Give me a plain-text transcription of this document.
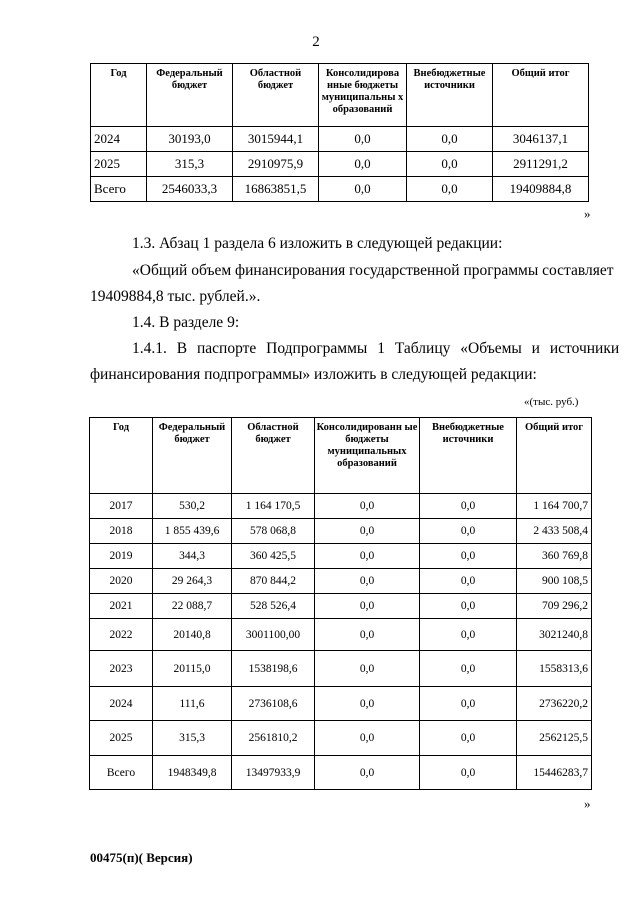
2
Год	Федеральный бюджет	Областной бюджет	Консолидирова нные бюджеты муниципальны х образований	Внебюджетные источники	Общий итог
2024	30193,0	3015944,1	0,0	0,0	3046137,1
2025	315,3	2910975,9	0,0	0,0	2911291,2
Всего	2546033,3	16863851,5	0,0	0,0	19409884,8
»
1.3. Абзац 1 раздела 6 изложить в следующей редакции:
«Общий объем финансирования государственной программы составляет
19409884,8 тыс. рублей.».
1.4. В разделе 9:
1.4.1. В паспорте Подпрограммы 1 Таблицу «Объемы и источники
финансирования подпрограммы» изложить в следующей редакции:
«(тыс. руб.)
Год	Федеральный бюджет	Областной бюджет	Консолидированн ые бюджеты муниципальных образований	Внебюджетные источники	Общий итог
2017	530,2	1 164 170,5	0,0	0,0	1 164 700,7
2018	1 855 439,6	578 068,8	0,0	0,0	2 433 508,4
2019	344,3	360 425,5	0,0	0,0	360 769,8
2020	29 264,3	870 844,2	0,0	0,0	900 108,5
2021	22 088,7	528 526,4	0,0	0,0	709 296,2
2022	20140,8	3001100,00	0,0	0,0	3021240,8
2023	20115,0	1538198,6	0,0	0,0	1558313,6
2024	111,6	2736108,6	0,0	0,0	2736220,2
2025	315,3	2561810,2	0,0	0,0	2562125,5
Всего	1948349,8	13497933,9	0,0	0,0	15446283,7
»
00475(п)( Версия)
